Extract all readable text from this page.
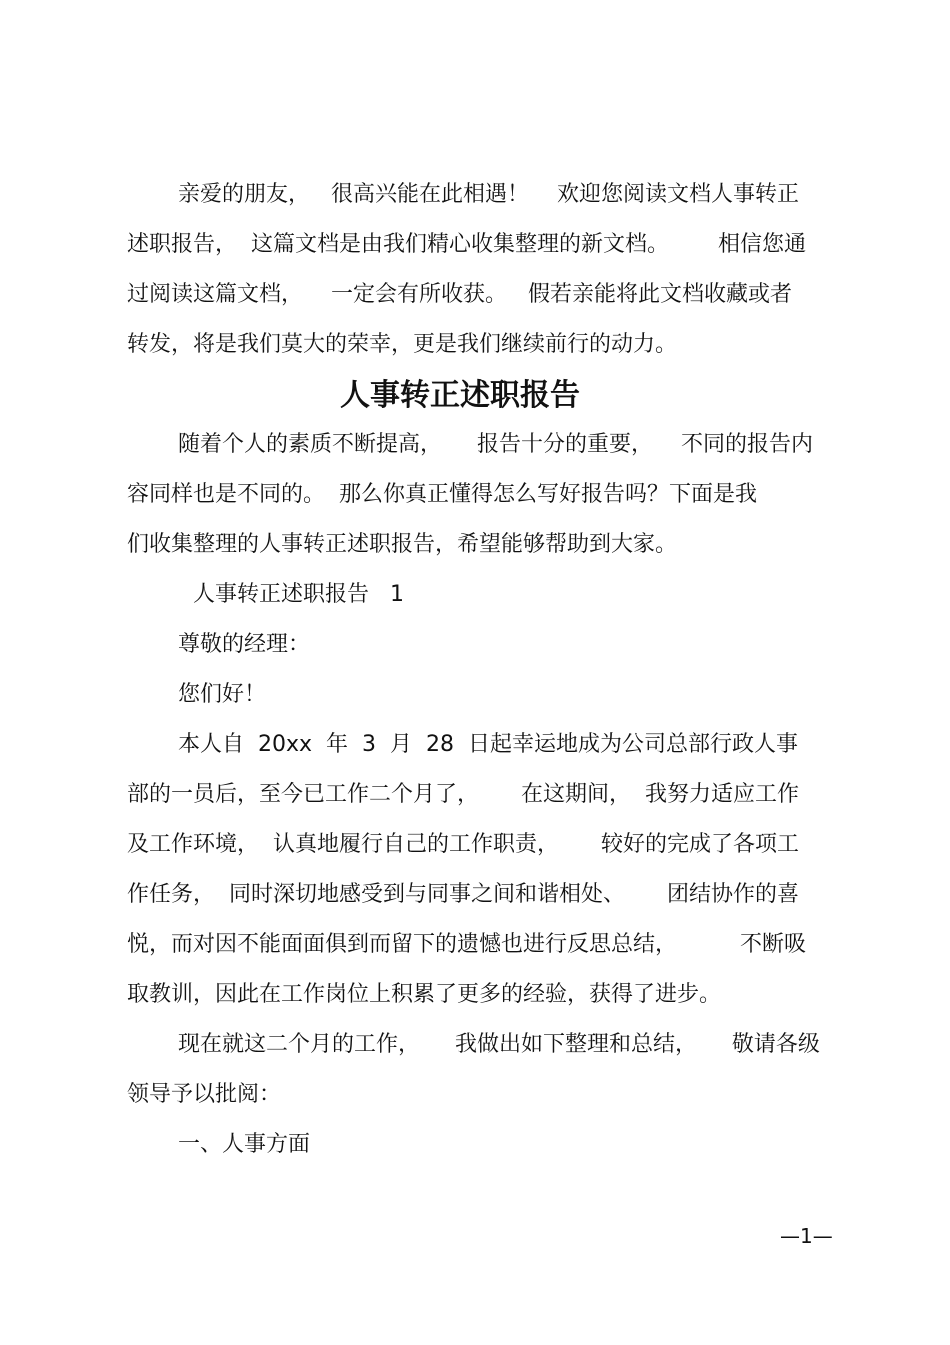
亲爱的朋友，   很高兴能在此相遇！    欢迎您阅读文档人事转正

述职报告，  这篇文档是由我们精心收集整理的新文档。       相信您通

过阅读这篇文档，    一定会有所收获。   假若亲能将此文档收藏或者

转发，将是我们莫大的荣幸，更是我们继续前行的动力。

人事转正述职报告

随着个人的素质不断提高，     报告十分的重要，    不同的报告内

容同样也是不同的。  那么你真正懂得怎么写好报告吗？下面是我

们收集整理的人事转正述职报告，希望能够帮助到大家。

人事转正述职报告   1

尊敬的经理：

您们好！

本人自  20xx  年  3  月  28  日起幸运地成为公司总部行政人事

部的一员后，至今已工作二个月了，      在这期间，  我努力适应工作

及工作环境，  认真地履行自己的工作职责，      较好的完成了各项工

作任务，  同时深切地感受到与同事之间和谐相处、      团结协作的喜

悦，而对因不能面面俱到而留下的遗憾也进行反思总结，         不断吸

取教训，因此在工作岗位上积累了更多的经验，获得了进步。

现在就这二个月的工作，     我做出如下整理和总结，     敬请各级

领导予以批阅：

一、人事方面

—1—
